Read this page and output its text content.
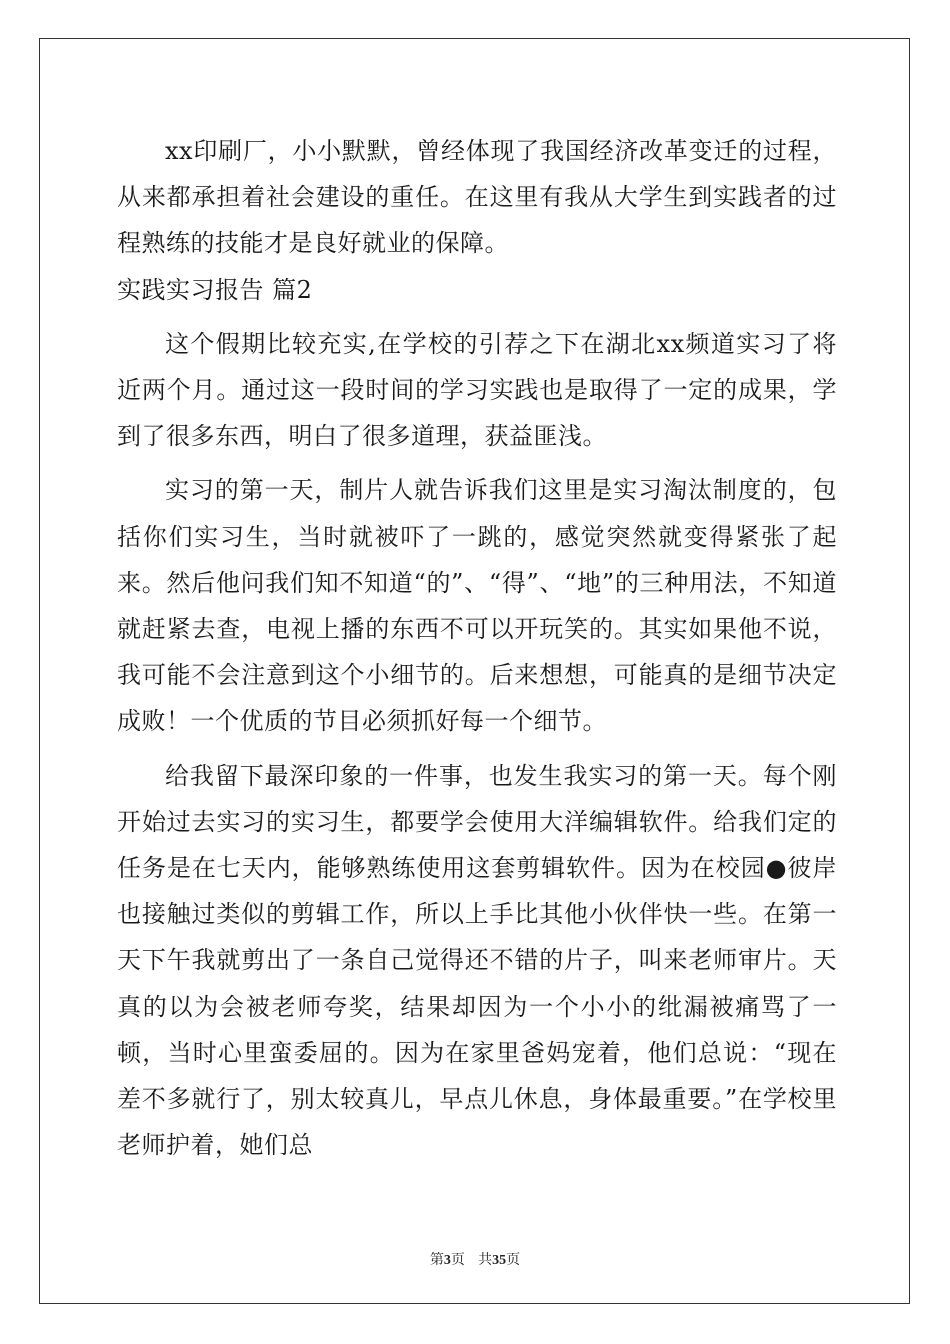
xx印刷厂，小小默默，曾经体现了我国经济改革变迁的过程，从来都承担着社会建设的重任。在这里有我从大学生到实践者的过程熟练的技能才是良好就业的保障。

实践实习报告 篇2

这个假期比较充实,在学校的引荐之下在湖北xx频道实习了将近两个月。通过这一段时间的学习实践也是取得了一定的成果，学到了很多东西，明白了很多道理，获益匪浅。

实习的第一天，制片人就告诉我们这里是实习淘汰制度的，包括你们实习生，当时就被吓了一跳的，感觉突然就变得紧张了起来。然后他问我们知不知道“的”、“得”、“地”的三种用法，不知道就赶紧去查，电视上播的东西不可以开玩笑的。其实如果他不说，我可能不会注意到这个小细节的。后来想想，可能真的是细节决定成败！一个优质的节目必须抓好每一个细节。

给我留下最深印象的一件事，也发生我实习的第一天。每个刚开始过去实习的实习生，都要学会使用大洋编辑软件。给我们定的任务是在七天内，能够熟练使用这套剪辑软件。因为在校园●彼岸也接触过类似的剪辑工作，所以上手比其他小伙伴快一些。在第一天下午我就剪出了一条自己觉得还不错的片子，叫来老师审片。天真的以为会被老师夸奖，结果却因为一个小小的纰漏被痛骂了一顿，当时心里蛮委屈的。因为在家里爸妈宠着，他们总说：“现在差不多就行了，别太较真儿，早点儿休息，身体最重要。”在学校里老师护着，她们总

第3页 共35页
